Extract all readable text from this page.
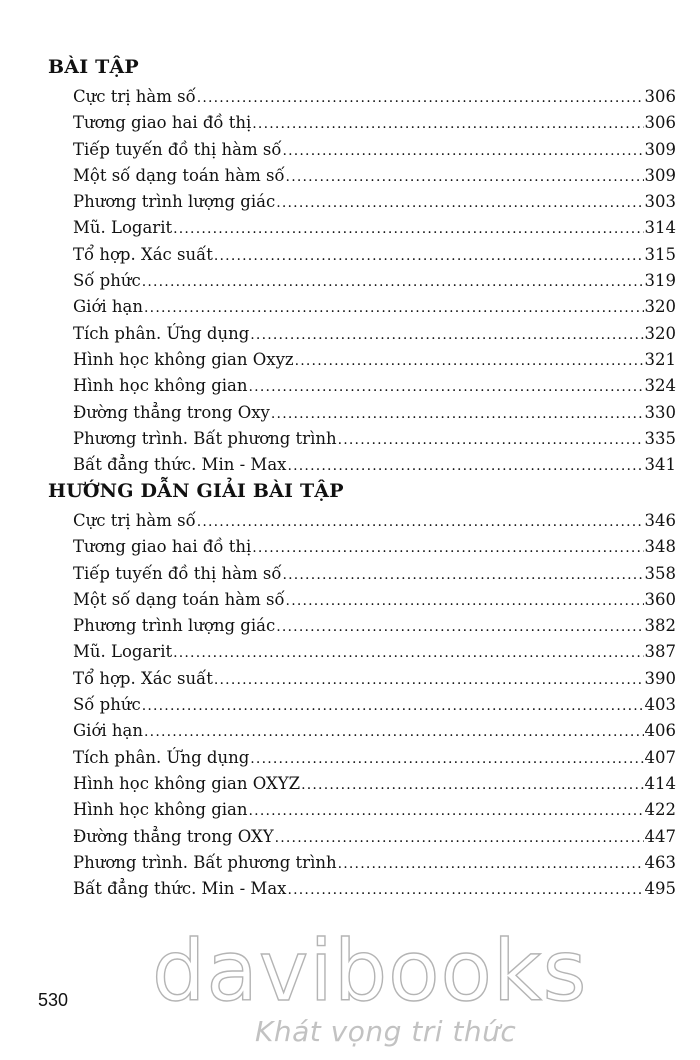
BÀI TẬP
Cực trị hàm số .....	306
Tương giao hai đồ thị .....	306
Tiếp tuyến đồ thị hàm số .....	309
Một số dạng toán hàm số .....	309
Phương trình lượng giác .....	303
Mũ. Logarit .....	314
Tổ hợp. Xác suất .....	315
Số phức .....	319
Giới hạn .....	320
Tích phân. Ứng dụng .....	320
Hình học không gian Oxyz .....	321
Hình học không gian .....	324
Đường thẳng trong Oxy .....	330
Phương trình. Bất phương trình .....	335
Bất đẳng thức. Min - Max .....	341
HƯỚNG DẪN GIẢI BÀI TẬP
Cực trị hàm số .....	346
Tương giao hai đồ thị .....	348
Tiếp tuyến đồ thị hàm số .....	358
Một số dạng toán hàm số .....	360
Phương trình lượng giác .....	382
Mũ. Logarit .....	387
Tổ hợp. Xác suất .....	390
Số phức .....	403
Giới hạn .....	406
Tích phân. Ứng dụng .....	407
Hình học không gian OXYZ .....	414
Hình học không gian .....	422
Đường thẳng trong OXY .....	447
Phương trình. Bất phương trình .....	463
Bất đẳng thức. Min - Max .....	495
davibooks
Khát vọng tri thức
530
